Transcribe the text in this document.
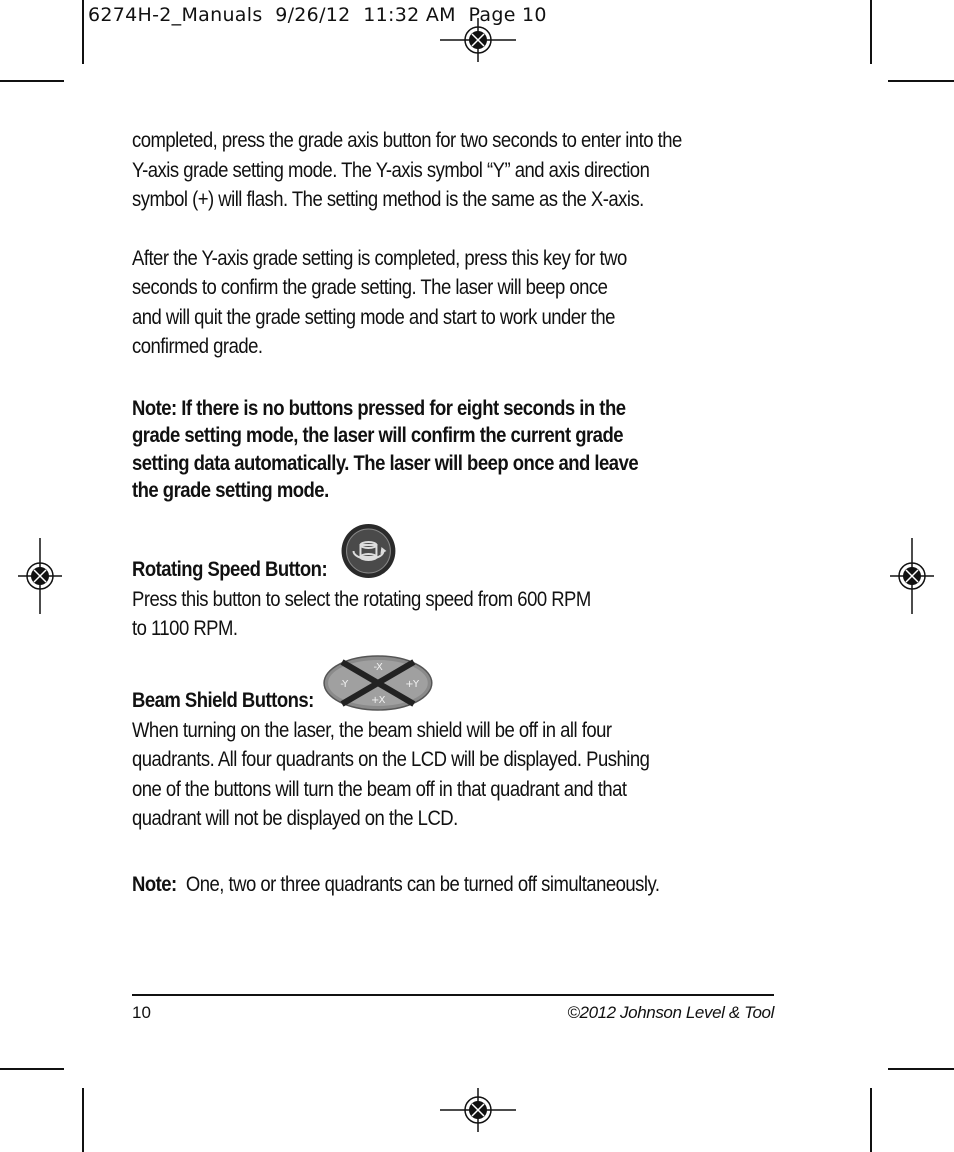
6274H-2_Manuals  9/26/12  11:32 AM  Page 10

completed, press the grade axis button for two seconds to enter into the
Y-axis grade setting mode. The Y-axis symbol “Y” and axis direction
symbol (+) will flash. The setting method is the same as the X-axis.

After the Y-axis grade setting is completed, press this key for two
seconds to confirm the grade setting. The laser will beep once
and will quit the grade setting mode and start to work under the
confirmed grade.

Note: If there is no buttons pressed for eight seconds in the
grade setting mode, the laser will confirm the current grade
setting data automatically. The laser will beep once and leave
the grade setting mode.

Rotating Speed Button:

Press this button to select the rotating speed from 600 RPM
to 1100 RPM.

Beam Shield Buttons:
-X
-Y	+Y
+X

When turning on the laser, the beam shield will be off in all four
quadrants. All four quadrants on the LCD will be displayed. Pushing
one of the buttons will turn the beam off in that quadrant and that
quadrant will not be displayed on the LCD.

Note: One, two or three quadrants can be turned off simultaneously.

10	©2012 Johnson Level & Tool
